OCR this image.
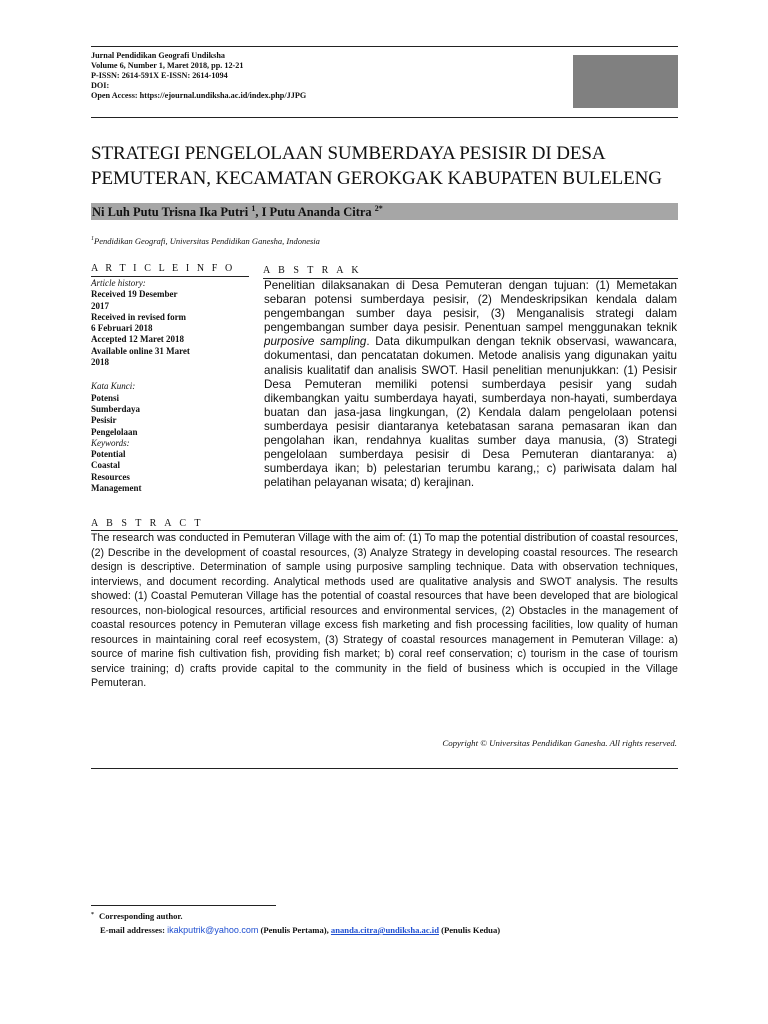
Jurnal Pendidikan Geografi Undiksha
Volume 6, Number 1, Maret 2018, pp. 12-21
P-ISSN: 2614-591X E-ISSN: 2614-1094
DOI:
Open Access: https://ejournal.undiksha.ac.id/index.php/JJPG
STRATEGI PENGELOLAAN SUMBERDAYA PESISIR DI DESA
PEMUTERAN, KECAMATAN GEROKGAK KABUPATEN BULELENG
Ni Luh Putu Trisna Ika Putri $^1$, I Putu Ananda Citra $^{2*}$
$^1$Pendidikan Geografi, Universitas Pendidikan Ganesha, Indonesia
A R T I C L E I N F O	A B S T R A K
Article history:
Received 19 Desember
2017
Received in revised form
6 Februari 2018
Accepted 12 Maret 2018
Available online 31 Maret
2018
Kata Kunci:
Potensi
Sumberdaya
Pesisir
Pengelolaan
Keywords:
Potential
Coastal
Resources
Management
Penelitian dilaksanakan di Desa Pemuteran dengan tujuan: (1) Memetakan sebaran potensi sumberdaya pesisir, (2) Mendeskripsikan kendala dalam pengembangan sumber daya pesisir, (3) Menganalisis strategi dalam pengembangan sumber daya pesisir. Penentuan sampel menggunakan teknik purposive sampling. Data dikumpulkan dengan teknik observasi, wawancara, dokumentasi, dan pencatatan dokumen. Metode analisis yang digunakan yaitu analisis kualitatif dan analisis SWOT. Hasil penelitian menunjukkan: (1) Pesisir Desa Pemuteran memiliki potensi sumberdaya pesisir yang sudah dikembangkan yaitu sumberdaya hayati, sumberdaya non-hayati, sumberdaya buatan dan jasa-jasa lingkungan, (2) Kendala dalam pengelolaan potensi sumberdaya pesisir diantaranya ketebatasan sarana pemasaran ikan dan pengolahan ikan, rendahnya kualitas sumber daya manusia, (3) Strategi pengelolaan sumberdaya pesisir di Desa Pemuteran diantaranya: a) sumberdaya ikan; b) pelestarian terumbu karang,; c) pariwisata dalam hal pelatihan pelayanan wisata; d) kerajinan.
A B S T R A C T
The research was conducted in Pemuteran Village with the aim of: (1) To map the potential distribution of coastal resources, (2) Describe in the development of coastal resources, (3) Analyze Strategy in developing coastal resources. The research design is descriptive. Determination of sample using purposive sampling technique. Data with observation techniques, interviews, and document recording. Analytical methods used are qualitative analysis and SWOT analysis. The results showed: (1) Coastal Pemuteran Village has the potential of coastal resources that have been developed that are biological resources, non-biological resources, artificial resources and environmental services, (2) Obstacles in the management of coastal resources potency in Pemuteran village excess fish marketing and fish processing facilities, low quality of human resources in maintaining coral reef ecosystem, (3) Strategy of coastal resources management in Pemuteran Village: a) source of marine fish cultivation fish, providing fish market; b) coral reef conservation; c) tourism in the case of tourism service training; d) crafts provide capital to the community in the field of business which is occupied in the Village Pemuteran.
Copyright © Universitas Pendidikan Ganesha. All rights reserved.
* Corresponding author.
E-mail addresses: ikakputrik@yahoo.com (Penulis Pertama), ananda.citra@undiksha.ac.id (Penulis Kedua)
